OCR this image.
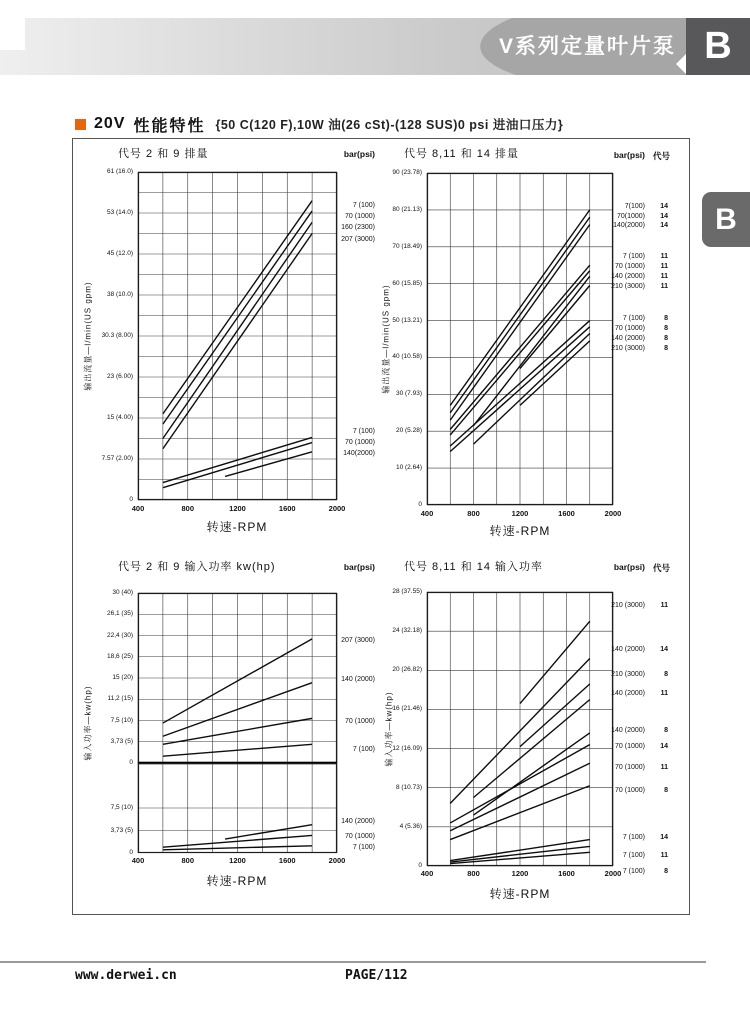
V系列定量叶片泵 B
B
20V 性能特性 {50 C(120 F),10W 油(26 cSt)-(128 SUS)0 psi 进油口压力}
代号 2 和 9 排量	bar(psi)
输出流量—l/min(US gpm)
转速-RPM
61 (16.0)
53 (14.0)
45 (12.0)
38 (10.0)
30.3 (8.00)
23 (6.00)
15 (4.00)
7.57 (2.00)
0
7 (100)
70 (1000)
160 (2300)
207 (3000)
7 (100)
70 (1000)
140(2000)
400	800	1200	1600	2000
代号 8,11 和 14 排量	bar(psi) 代号
输出流量—l/min(US gpm)
转速-RPM
90 (23.78)
80 (21.13)
70 (18.49)
60 (15.85)
50 (13.21)
40 (10.58)
30 (7.93)
20 (5.28)
10 (2.64)
0
7(100) 14
70(1000) 14
140(2000) 14
7 (100) 11
70 (1000) 11
140 (2000) 11
210 (3000) 11
7 (100)	8
70 (1000)	8
140 (2000)	8
210 (3000)	8
400	800	1200	1600	2000
代号 2 和 9 输入功率 kw(hp)	bar(psi)
输入功率—kw(hp)
转速-RPM
30 (40)
26,1 (35)
22,4 (30)
18,6 (25)
15 (20)
11,2 (15)
7,5 (10)
3,73 (5)
0
207 (3000)
140 (2000)
70 (1000)
7 (100)
7,5 (10)
3,73 (5)
0
140 (2000)
70 (1000)
7 (100)
400	800	1200	1600	2000
代号 8,11 和 14 输入功率	bar(psi) 代号
输入功率—kw(hp)
转速-RPM
28 (37.55)
24 (32.18)
20 (26.82)
16 (21.46)
12 (16.09)
8 (10.73)
4 (5.36)
0
210 (3000) 11
140 (2000) 14
210 (3000)	8
140 (2000) 11
140 (2000)	8
70 (1000) 14
70 (1000) 11
70 (1000)	8
7 (100) 14
7 (100) 11
7 (100)	8
400	800	1200	1600	2000
www.derwei.cn	PAGE/112
